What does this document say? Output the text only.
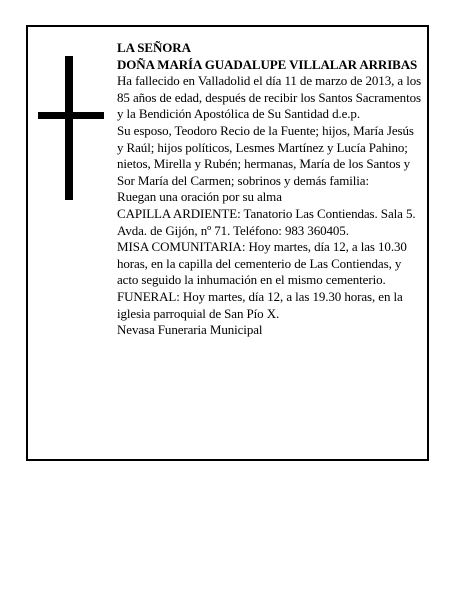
LA SEÑORA

DOÑA MARÍA GUADALUPE VILLALAR ARRIBAS

Ha fallecido en Valladolid el día 11 de marzo de 2013, a los 85 años de edad, después de recibir los Santos Sacramentos y la Bendición Apostólica de Su Santidad d.e.p.

Su esposo, Teodoro Recio de la Fuente; hijos, María Jesús y Raúl; hijos políticos, Lesmes Martínez y Lucía Pahino; nietos, Mirella y Rubén; hermanas, María de los Santos y Sor María del Carmen; sobrinos y demás familia:

Ruegan una oración por su alma

CAPILLA ARDIENTE: Tanatorio Las Contiendas. Sala 5. Avda. de Gijón, nº 71. Teléfono: 983 360405.

MISA COMUNITARIA: Hoy martes, día 12, a las 10.30 horas, en la capilla del cementerio de Las Contiendas, y acto seguido la inhumación en el mismo cementerio.

FUNERAL: Hoy martes, día 12, a las 19.30 horas, en la iglesia parroquial de San Pío X.

Nevasa Funeraria Municipal
